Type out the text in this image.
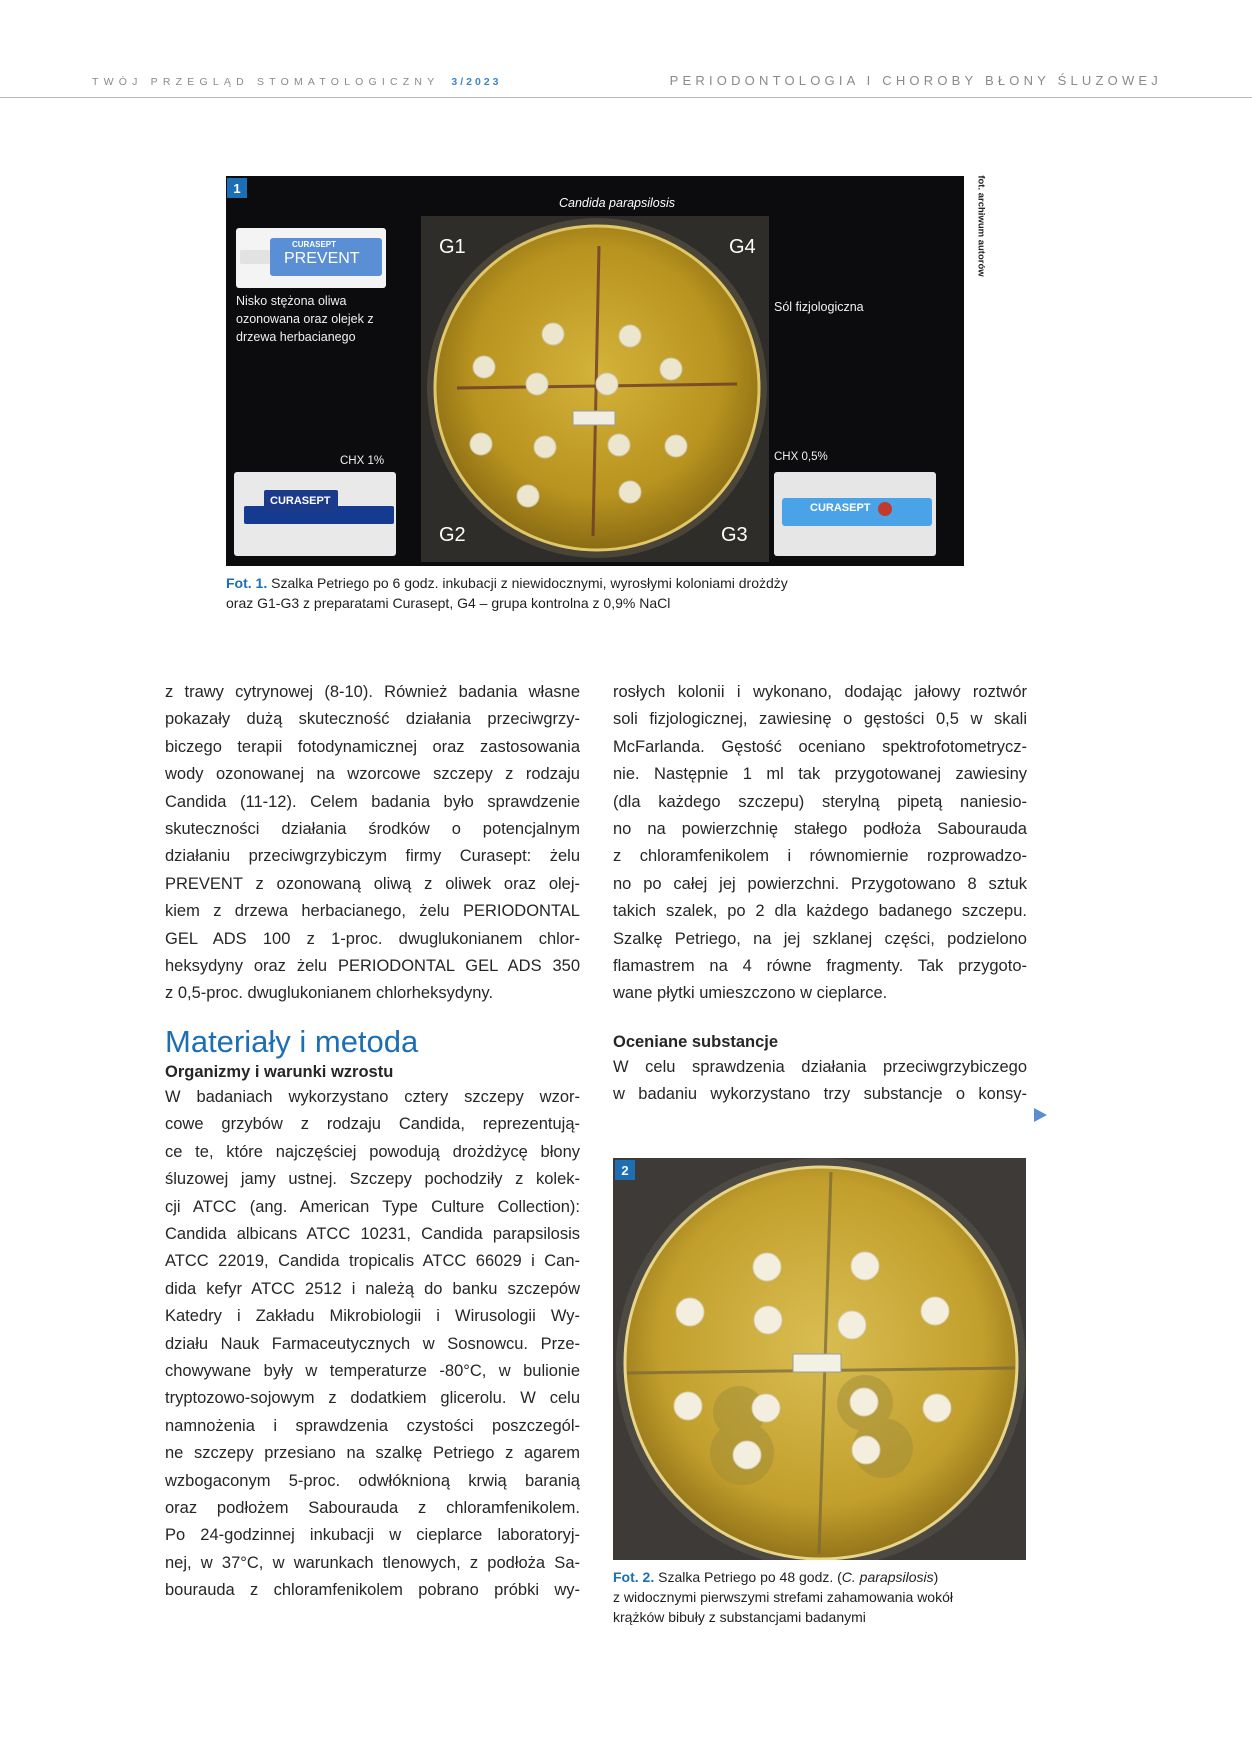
TWÓJ PRZEGLĄD STOMATOLOGICZNY 3/2023	PERIODONTOLOGIA I CHOROBY BŁONY ŚLUZOWEJ
1
G1	G4
G2	G3
Candida parapsilosis
CURASEPT
PREVENT
Nisko stężona oliwa ozonowana oraz olejek z drzewa herbacianego
Sól fizjologiczna
CHX 1%
CURASEPT
CHX 0,5%
CURASEPT
fot. archiwum autorów
Fot. 1. Szalka Petriego po 6 godz. inkubacji z niewidocznymi, wyrosłymi koloniami drożdży
oraz G1-G3 z preparatami Curasept, G4 – grupa kontrolna z 0,9% NaCl

z trawy cytrynowej (8-10). Również badania własne

pokazały dużą skuteczność działania przeciwgrzy-

biczego terapii fotodynamicznej oraz zastosowania

wody ozonowanej na wzorcowe szczepy z rodzaju

Candida (11-12). Celem badania było sprawdzenie

skuteczności działania środków o potencjalnym

działaniu przeciwgrzybiczym firmy Curasept: żelu

PREVENT z ozonowaną oliwą z oliwek oraz olej-

kiem z drzewa herbacianego, żelu PERIODONTAL

GEL ADS 100 z 1-proc. dwuglukonianem chlor-

heksydyny oraz żelu PERIODONTAL GEL ADS 350

z 0,5-proc. dwuglukonianem chlorheksydyny.

Materiały i metoda
Organizmy i warunki wzrostu

W badaniach wykorzystano cztery szczepy wzor-

cowe grzybów z rodzaju Candida, reprezentują-

ce te, które najczęściej powodują drożdżycę błony

śluzowej jamy ustnej. Szczepy pochodziły z kolek-

cji ATCC (ang. American Type Culture Collection):

Candida albicans ATCC 10231, Candida parapsilosis

ATCC 22019, Candida tropicalis ATCC 66029 i Can-

dida kefyr ATCC 2512 i należą do banku szczepów

Katedry i Zakładu Mikrobiologii i Wirusologii Wy-

działu Nauk Farmaceutycznych w Sosnowcu. Prze-

chowywane były w temperaturze -80°C, w bulionie

tryptozowo-sojowym z dodatkiem glicerolu. W celu

namnożenia i sprawdzenia czystości poszczegól-

ne szczepy przesiano na szalkę Petriego z agarem

wzbogaconym 5-proc. odwłóknioną krwią baranią

oraz podłożem Sabourauda z chloramfenikolem.

Po 24-godzinnej inkubacji w cieplarce laboratoryj-

nej, w 37°C, w warunkach tlenowych, z podłoża Sa-

bourauda z chloramfenikolem pobrano próbki wy-

rosłych kolonii i wykonano, dodając jałowy roztwór

soli fizjologicznej, zawiesinę o gęstości 0,5 w skali

McFarlanda. Gęstość oceniano spektrofotometrycz-

nie. Następnie 1 ml tak przygotowanej zawiesiny

(dla każdego szczepu) sterylną pipetą naniesio-

no na powierzchnię stałego podłoża Sabourauda

z chloramfenikolem i równomiernie rozprowadzo-

no po całej jej powierzchni. Przygotowano 8 sztuk

takich szalek, po 2 dla każdego badanego szczepu.

Szalkę Petriego, na jej szklanej części, podzielono

flamastrem na 4 równe fragmenty. Tak przygoto-

wane płytki umieszczono w cieplarce.

Oceniane substancje

W celu sprawdzenia działania przeciwgrzybiczego

w badaniu wykorzystano trzy substancje o konsy-

2
Fot. 2. Szalka Petriego po 48 godz. (C. parapsilosis)
z widocznymi pierwszymi strefami zahamowania wokół
krążków bibuły z substancjami badanymi
